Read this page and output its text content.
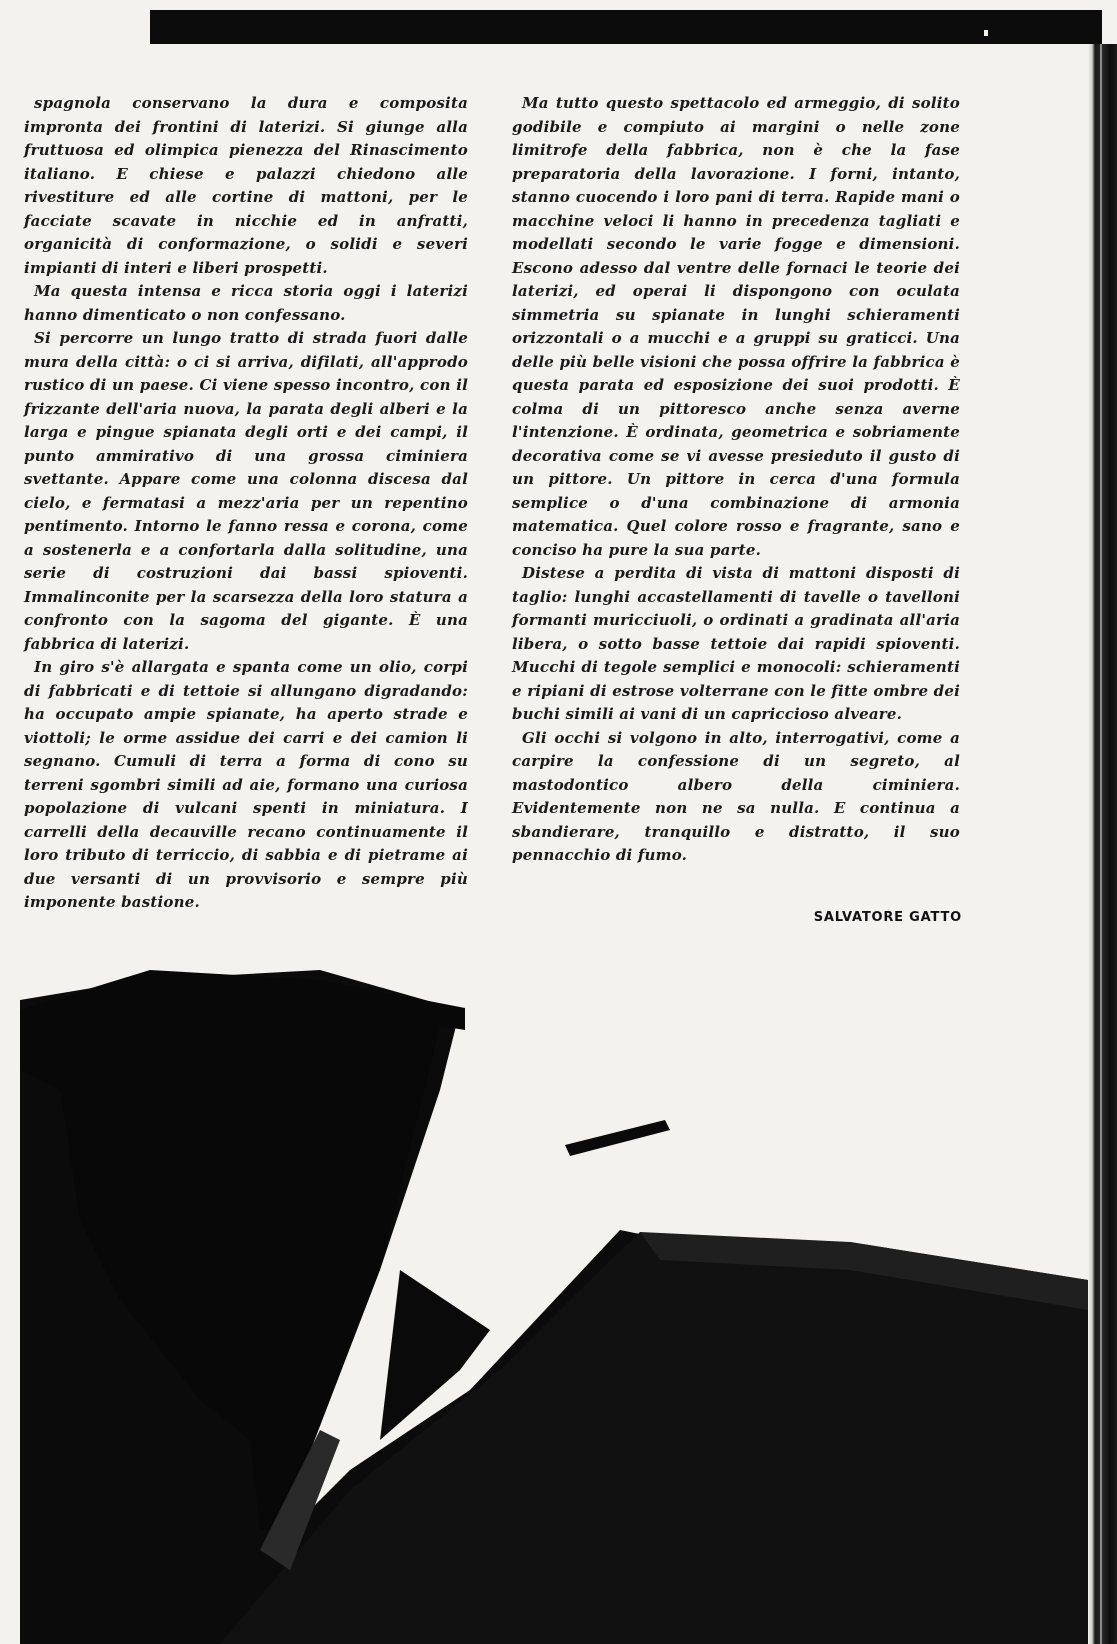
spagnola conservano la dura e composita impronta dei frontini di laterizi. Si giunge alla fruttuosa ed olimpica pienezza del Rinascimento italiano. E chiese e palazzi chiedono alle rivestiture ed alle cortine di mattoni, per le facciate scavate in nicchie ed in anfratti, organicità di conformazione, o solidi e severi impianti di interi e liberi prospetti.

Ma questa intensa e ricca storia oggi i laterizi hanno dimenticato o non confessano.

Si percorre un lungo tratto di strada fuori dalle mura della città: o ci si arriva, difilati, all'approdo rustico di un paese. Ci viene spesso incontro, con il frizzante dell'aria nuova, la parata degli alberi e la larga e pingue spianata degli orti e dei campi, il punto ammirativo di una grossa ciminiera svettante. Appare come una colonna discesa dal cielo, e fermatasi a mezz'aria per un repentino pentimento. Intorno le fanno ressa e corona, come a sostenerla e a confortarla dalla solitudine, una serie di costruzioni dai bassi spioventi. Immalinconite per la scarsezza della loro statura a confronto con la sagoma del gigante. È una fabbrica di laterizi.

In giro s'è allargata e spanta come un olio, corpi di fabbricati e di tettoie si allungano digradando: ha occupato ampie spianate, ha aperto strade e viottoli; le orme assidue dei carri e dei camion li segnano. Cumuli di terra a forma di cono su terreni sgombri simili ad aie, formano una curiosa popolazione di vulcani spenti in miniatura. I carrelli della decauville recano continuamente il loro tributo di terriccio, di sabbia e di pietrame ai due versanti di un provvisorio e sempre più imponente bastione.

Ma tutto questo spettacolo ed armeggio, di solito godibile e compiuto ai margini o nelle zone limitrofe della fabbrica, non è che la fase preparatoria della lavorazione. I forni, intanto, stanno cuocendo i loro pani di terra. Rapide mani o macchine veloci li hanno in precedenza tagliati e modellati secondo le varie fogge e dimensioni. Escono adesso dal ventre delle fornaci le teorie dei laterizi, ed operai li dispongono con oculata simmetria su spianate in lunghi schieramenti orizzontali o a mucchi e a gruppi su graticci. Una delle più belle visioni che possa offrire la fabbrica è questa parata ed esposizione dei suoi prodotti. È colma di un pittoresco anche senza averne l'intenzione. È ordinata, geometrica e sobriamente decorativa come se vi avesse presieduto il gusto di un pittore. Un pittore in cerca d'una formula semplice o d'una combinazione di armonia matematica. Quel colore rosso e fragrante, sano e conciso ha pure la sua parte.

Distese a perdita di vista di mattoni disposti di taglio: lunghi accastellamenti di tavelle o tavelloni formanti muricciuoli, o ordinati a gradinata all'aria libera, o sotto basse tettoie dai rapidi spioventi. Mucchi di tegole semplici e monocoli: schieramenti e ripiani di estrose volterrane con le fitte ombre dei buchi simili ai vani di un capriccioso alveare.

Gli occhi si volgono in alto, interrogativi, come a carpire la confessione di un segreto, al mastodontico albero della ciminiera. Evidentemente non ne sa nulla. E continua a sbandierare, tranquillo e distratto, il suo pennacchio di fumo.

SALVATORE GATTO
23
